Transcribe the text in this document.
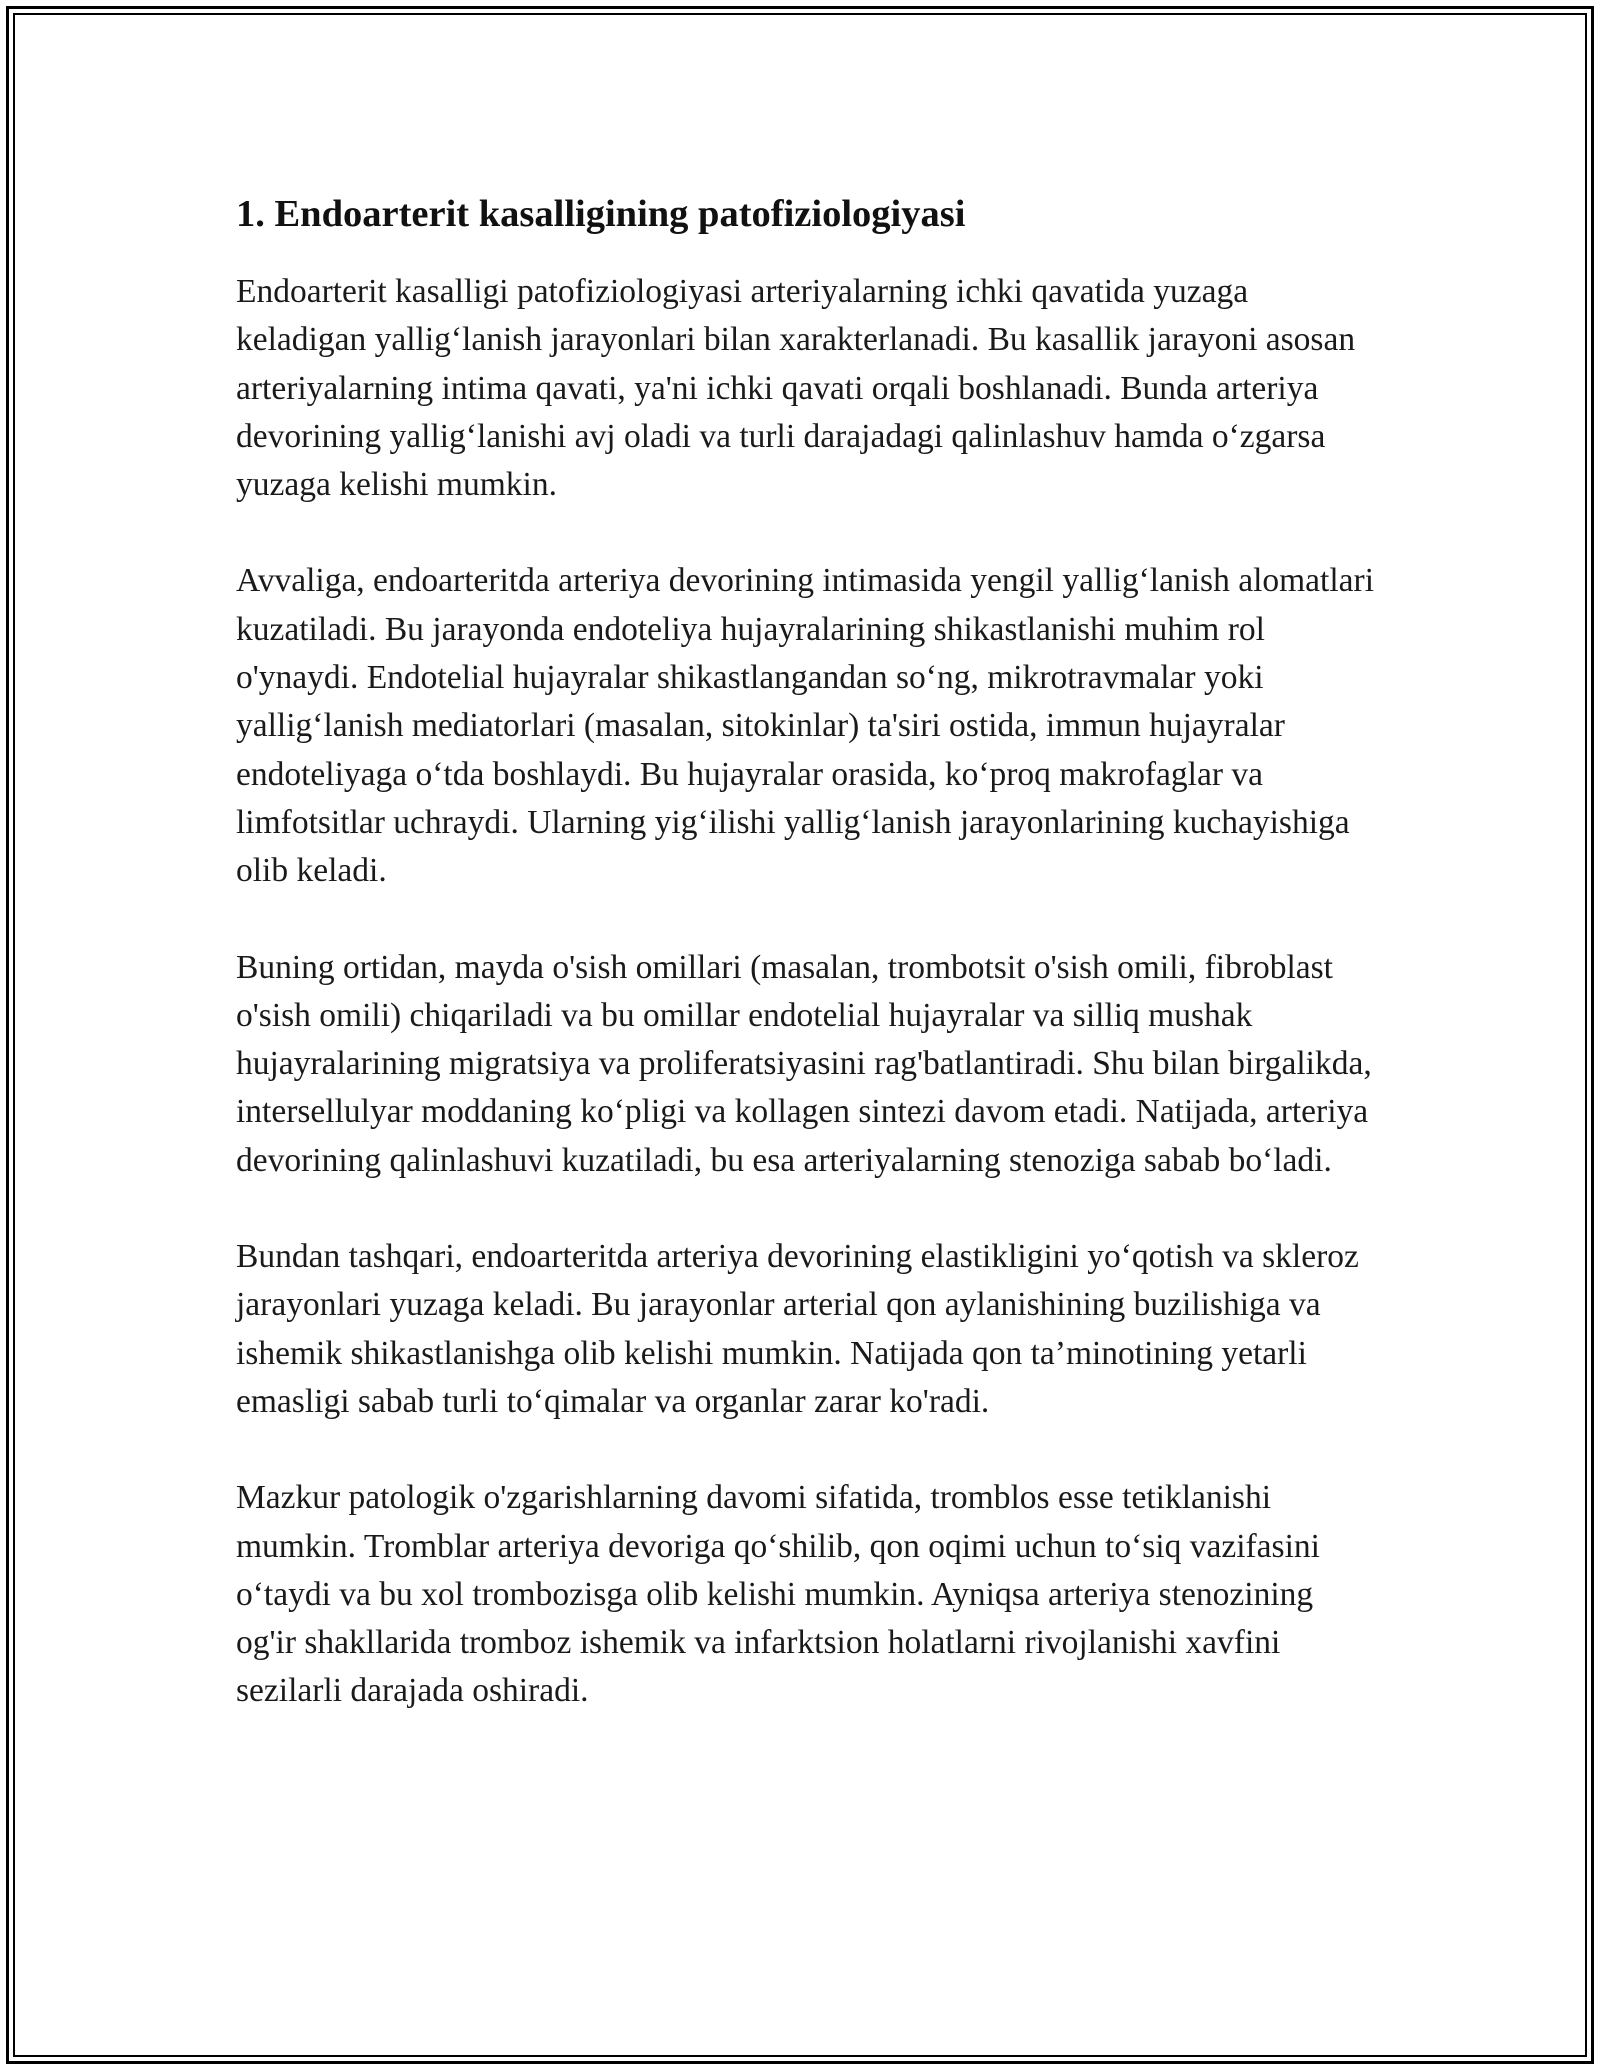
1. Endoarterit kasalligining patofiziologiyasi

Endoarterit kasalligi patofiziologiyasi arteriyalarning ichki qavatida yuzaga keladigan yallig‘lanish jarayonlari bilan xarakterlanadi. Bu kasallik jarayoni asosan arteriyalarning intima qavati, ya'ni ichki qavati orqali boshlanadi. Bunda arteriya devorining yallig‘lanishi avj oladi va turli darajadagi qalinlashuv hamda o‘zgarsa yuzaga kelishi mumkin.

Avvaliga, endoarteritda arteriya devorining intimasida yengil yallig‘lanish alomatlari kuzatiladi. Bu jarayonda endoteliya hujayralarining shikastlanishi muhim rol o'ynaydi. Endotelial hujayralar shikastlangandan so‘ng, mikrotravmalar yoki yallig‘lanish mediatorlari (masalan, sitokinlar) ta'siri ostida, immun hujayralar endoteliyaga o‘tda boshlaydi. Bu hujayralar orasida, ko‘proq makrofaglar va limfotsitlar uchraydi. Ularning yig‘ilishi yallig‘lanish jarayonlarining kuchayishiga olib keladi.

Buning ortidan, mayda o'sish omillari (masalan, trombotsit o'sish omili, fibroblast o'sish omili) chiqariladi va bu omillar endotelial hujayralar va silliq mushak hujayralarining migratsiya va proliferatsiyasini rag'batlantiradi. Shu bilan birgalikda, intersellulyar moddaning ko‘pligi va kollagen sintezi davom etadi. Natijada, arteriya devorining qalinlashuvi kuzatiladi, bu esa arteriyalarning stenoziga sabab bo‘ladi.

Bundan tashqari, endoarteritda arteriya devorining elastikligini yo‘qotish va skleroz jarayonlari yuzaga keladi. Bu jarayonlar arterial qon aylanishining buzilishiga va ishemik shikastlanishga olib kelishi mumkin. Natijada qon ta’minotining yetarli emasligi sabab turli to‘qimalar va organlar zarar ko'radi.

Mazkur patologik o'zgarishlarning davomi sifatida, tromblos esse tetiklanishi mumkin. Tromblar arteriya devoriga qo‘shilib, qon oqimi uchun to‘siq vazifasini o‘taydi va bu xol trombozisga olib kelishi mumkin. Ayniqsa arteriya stenozining og'ir shakllarida tromboz ishemik va infarktsion holatlarni rivojlanishi xavfini sezilarli darajada oshiradi.
